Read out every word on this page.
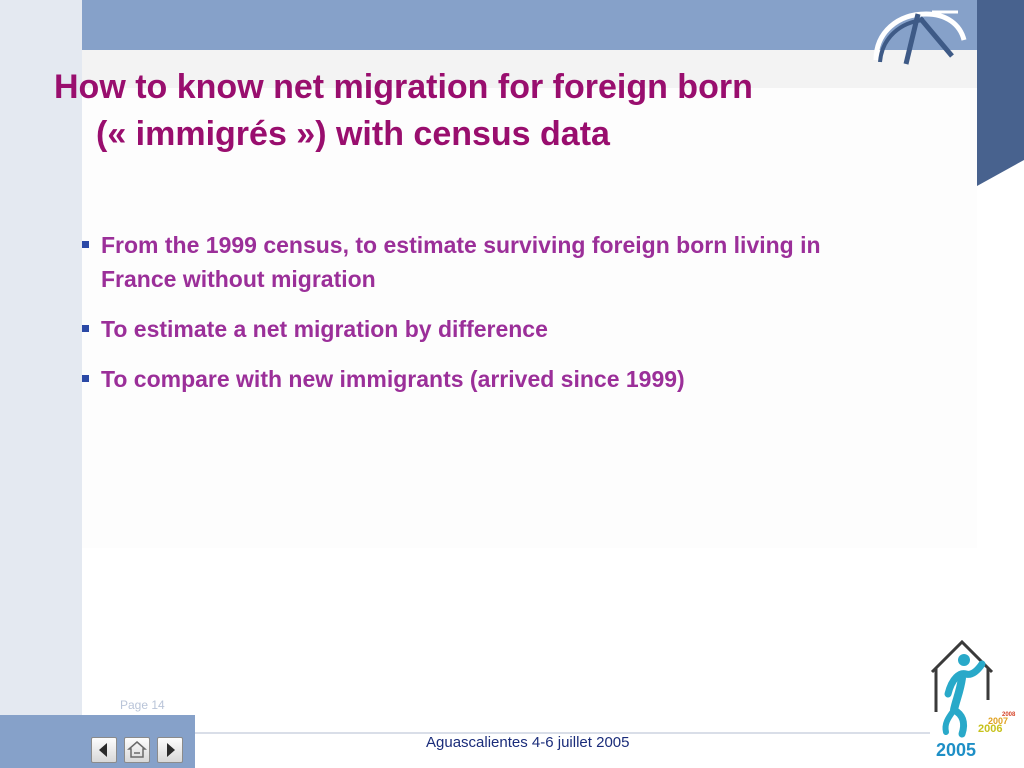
How to know net migration for foreign born
(« immigrés ») with census data
From the 1999 census, to estimate surviving foreign born living in France without migration
To estimate a net migration by difference
To compare with new immigrants (arrived since 1999)
Page 14
Aguascalientes 4-6 juillet 2005
2006
2007
2008
2005
